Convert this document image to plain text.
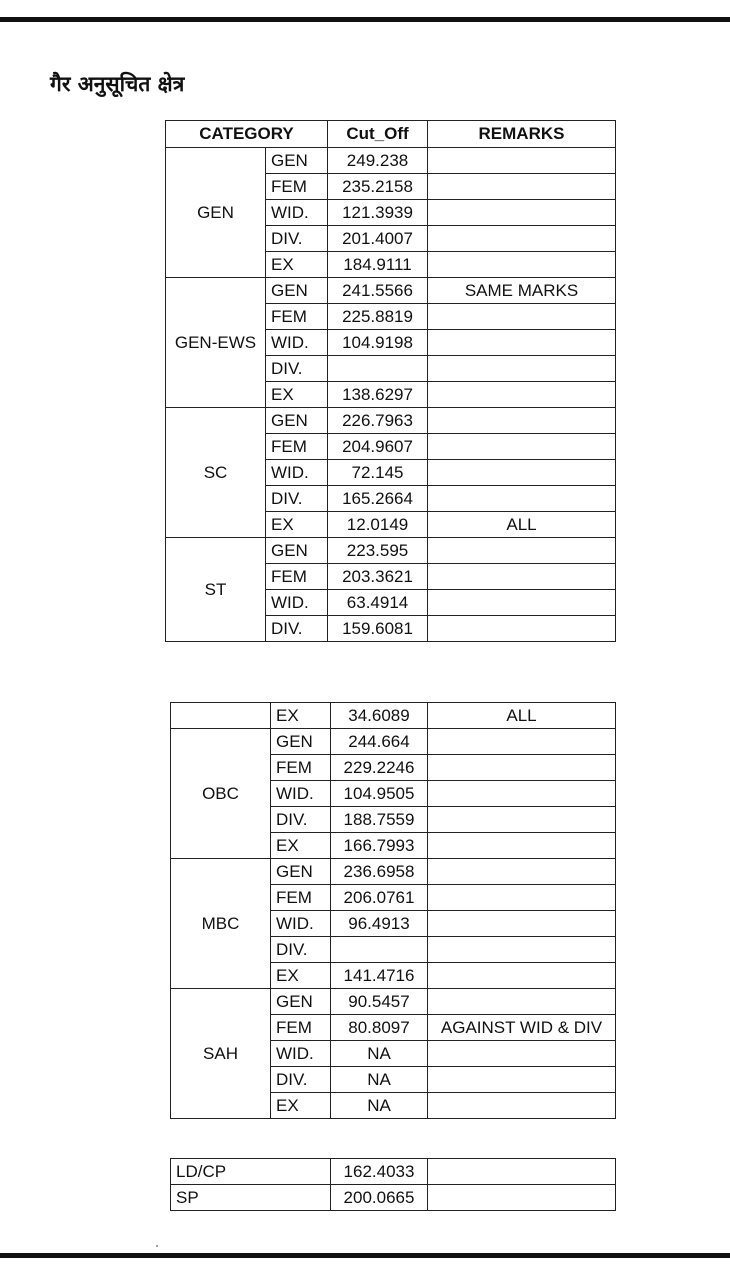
गैर अनुसूचित क्षेत्र
CATEGORY		Cut_Off	REMARKS
GEN	GEN	249.238	
	FEM	235.2158	
	WID.	121.3939	
	DIV.	201.4007	
	EX	184.9111	
GEN-EWS	GEN	241.5566	SAME MARKS
	FEM	225.8819	
	WID.	104.9198	
	DIV.		
	EX	138.6297	
SC	GEN	226.7963	
	FEM	204.9607	
	WID.	72.145	
	DIV.	165.2664	
	EX	12.0149	ALL
ST	GEN	223.595	
	FEM	203.3621	
	WID.	63.4914	
	DIV.	159.6081	
	EX	34.6089	ALL
OBC	GEN	244.664	
	FEM	229.2246	
	WID.	104.9505	
	DIV.	188.7559	
	EX	166.7993	
MBC	GEN	236.6958	
	FEM	206.0761	
	WID.	96.4913	
	DIV.		
	EX	141.4716	
SAH	GEN	90.5457	
	FEM	80.8097	AGAINST WID & DIV
	WID.	NA	
	DIV.	NA	
	EX	NA	
LD/CP	162.4033	
SP	200.0665	
